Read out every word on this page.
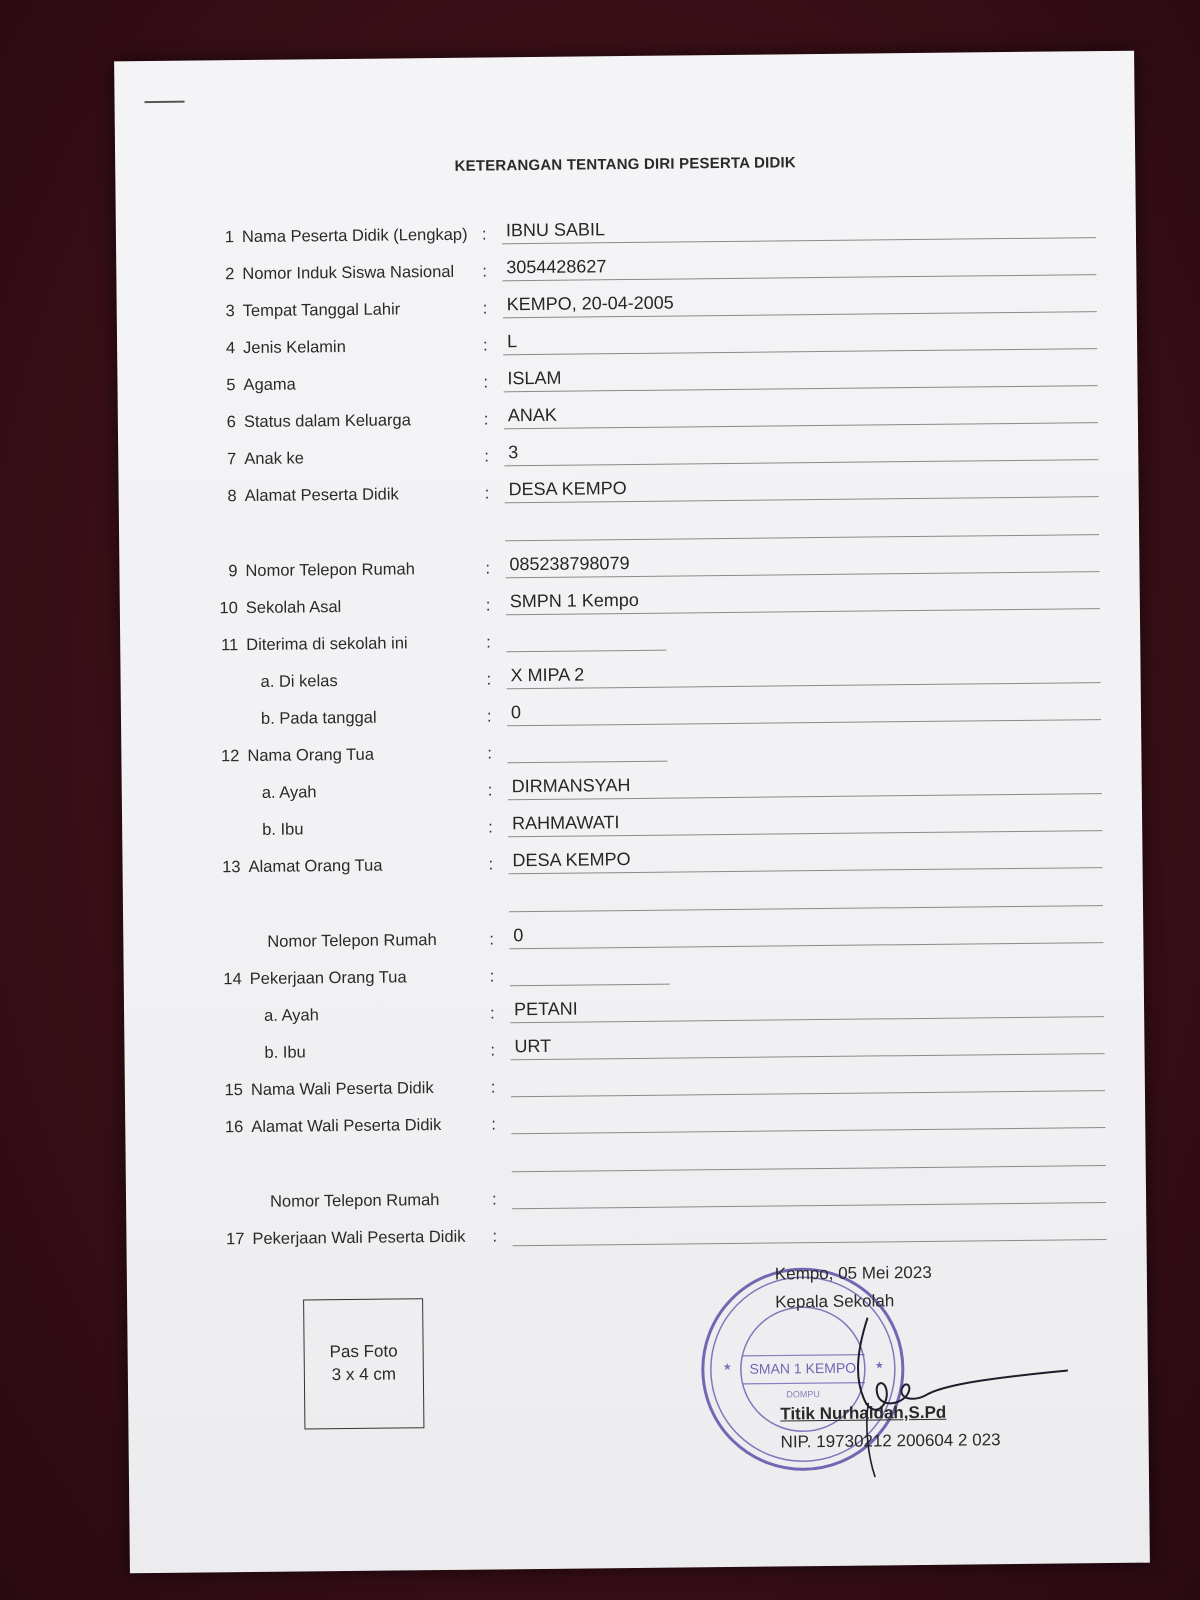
KETERANGAN TENTANG DIRI PESERTA DIDIK
1 Nama Peserta Didik (Lengkap) :	IBNU SABIL
2 Nomor Induk Siswa Nasional	:	3054428627
3 Tempat Tanggal Lahir	:	KEMPO, 20-04-2005
4 Jenis Kelamin	:	L
5 Agama	:	ISLAM
6 Status dalam Keluarga	:	ANAK
7 Anak ke	:	3
8 Alamat Peserta Didik	:	DESA KEMPO
9 Nomor Telepon Rumah	:	085238798079
10 Sekolah Asal	:	SMPN 1 Kempo
11 Diterima di sekolah ini	:
a. Di kelas	:	X MIPA 2
b. Pada tanggal	:	0
12 Nama Orang Tua	:
a. Ayah	:	DIRMANSYAH
b. Ibu	:	RAHMAWATI
13 Alamat Orang Tua	:	DESA KEMPO
Nomor Telepon Rumah	:	0
14 Pekerjaan Orang Tua	:
a. Ayah	:	PETANI
b. Ibu	:	URT
15 Nama Wali Peserta Didik	:
16 Alamat Wali Peserta Didik	:
Nomor Telepon Rumah	:
17 Pekerjaan Wali Peserta Didik	:
Pas Foto
3 x 4 cm	SMAN 1 KEMPO
DOMPU
★	★
Kempo, 05 Mei 2023
Kepala Sekolah
Titik Nurhaidah,S.Pd
NIP. 19730212 200604 2 023
